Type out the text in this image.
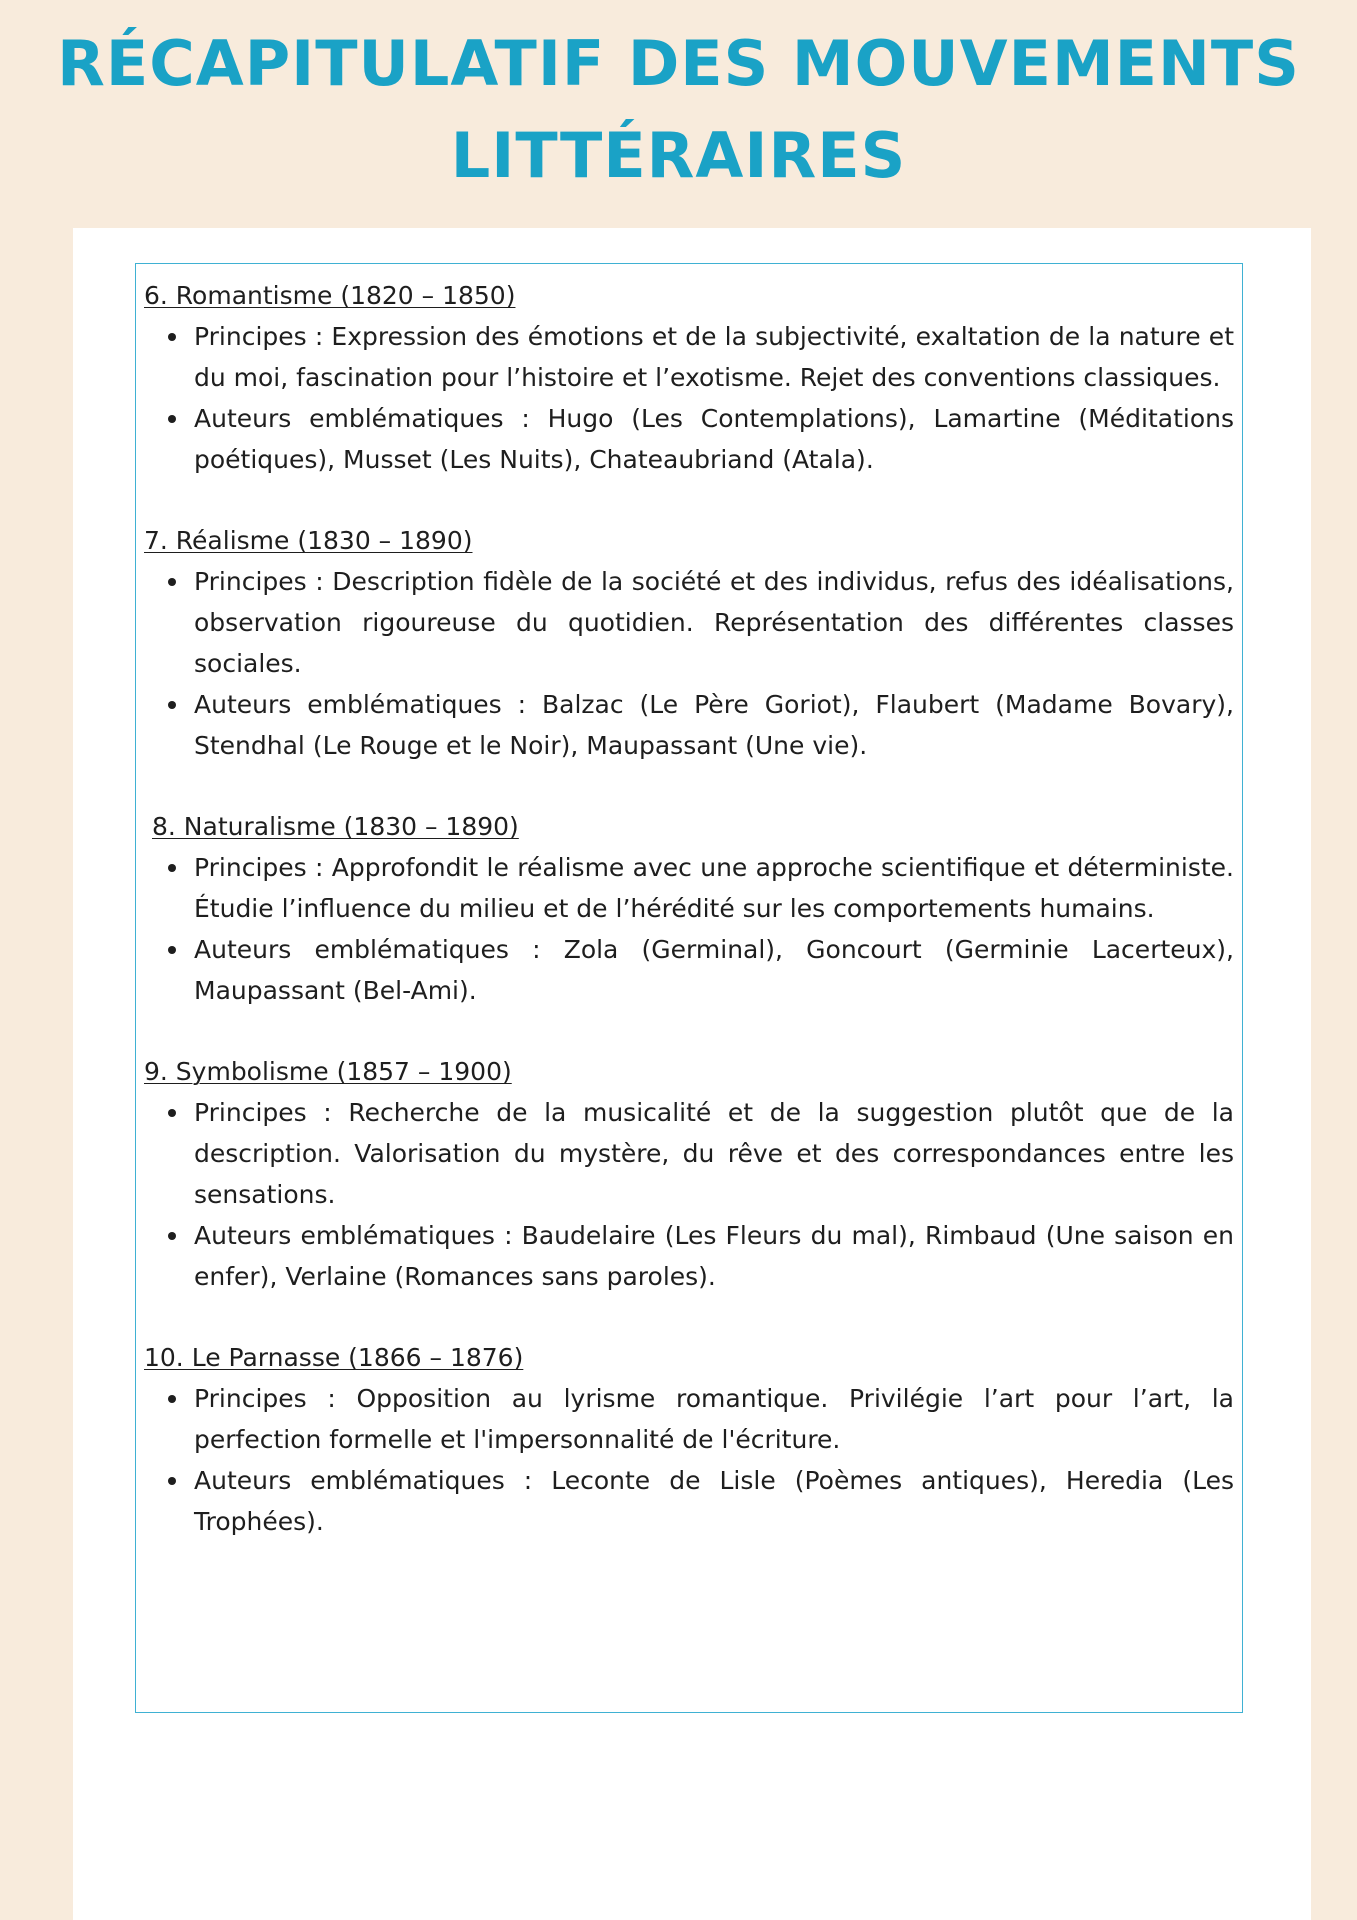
RÉCAPITULATIF DES MOUVEMENTS
LITTÉRAIRES
6. Romantisme (1820 – 1850)
Principes : Expression des émotions et de la subjectivité, exaltation de la nature et du moi, fascination pour l’histoire et l’exotisme. Rejet des conventions classiques.
Auteurs emblématiques : Hugo (Les Contemplations), Lamartine (Méditations poétiques), Musset (Les Nuits), Chateaubriand (Atala).
7. Réalisme (1830 – 1890)
Principes : Description fidèle de la société et des individus, refus des idéalisations, observation rigoureuse du quotidien. Représentation des différentes classes sociales.
Auteurs emblématiques : Balzac (Le Père Goriot), Flaubert (Madame Bovary), Stendhal (Le Rouge et le Noir), Maupassant (Une vie).
8. Naturalisme (1830 – 1890)
Principes : Approfondit le réalisme avec une approche scientifique et déterministe. Étudie l’influence du milieu et de l’hérédité sur les comportements humains.
Auteurs emblématiques : Zola (Germinal), Goncourt (Germinie Lacerteux), Maupassant (Bel-Ami).
9. Symbolisme (1857 – 1900)
Principes : Recherche de la musicalité et de la suggestion plutôt que de la description. Valorisation du mystère, du rêve et des correspondances entre les sensations.
Auteurs emblématiques : Baudelaire (Les Fleurs du mal), Rimbaud (Une saison en enfer), Verlaine (Romances sans paroles).
10. Le Parnasse (1866 – 1876)
Principes : Opposition au lyrisme romantique. Privilégie l’art pour l’art, la perfection formelle et l'impersonnalité de l'écriture.
Auteurs emblématiques : Leconte de Lisle (Poèmes antiques), Heredia (Les Trophées).
